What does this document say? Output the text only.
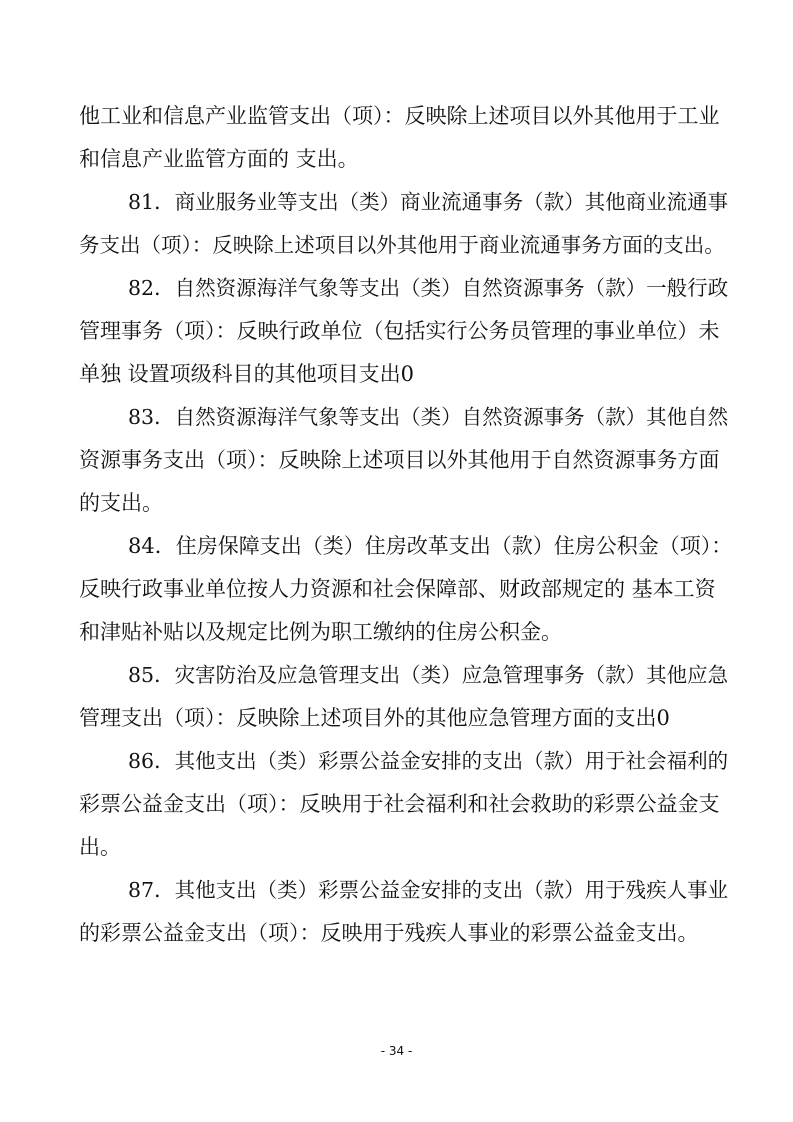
他工业和信息产业监管支出（项）：反映除上述项目以外其他用于工业
和信息产业监管方面的 支出。
81．商业服务业等支出（类）商业流通事务（款）其他商业流通事
务支出（项）：反映除上述项目以外其他用于商业流通事务方面的支出。
82．自然资源海洋气象等支出（类）自然资源事务（款）一般行政
管理事务（项）：反映行政单位（包括实行公务员管理的事业单位）未
单独 设置项级科目的其他项目支出0
83．自然资源海洋气象等支出（类）自然资源事务（款）其他自然
资源事务支出（项）：反映除上述项目以外其他用于自然资源事务方面
的支出。
84．住房保障支出（类）住房改革支出（款）住房公积金（项）：
反映行政事业单位按人力资源和社会保障部、财政部规定的 基本工资
和津贴补贴以及规定比例为职工缴纳的住房公积金。
85．灾害防治及应急管理支出（类）应急管理事务（款）其他应急
管理支出（项）：反映除上述项目外的其他应急管理方面的支出0
86．其他支出（类）彩票公益金安排的支出（款）用于社会福利的
彩票公益金支出（项）：反映用于社会福利和社会救助的彩票公益金支
出。
87．其他支出（类）彩票公益金安排的支出（款）用于残疾人事业
的彩票公益金支出（项）：反映用于残疾人事业的彩票公益金支出。
- 34 -
